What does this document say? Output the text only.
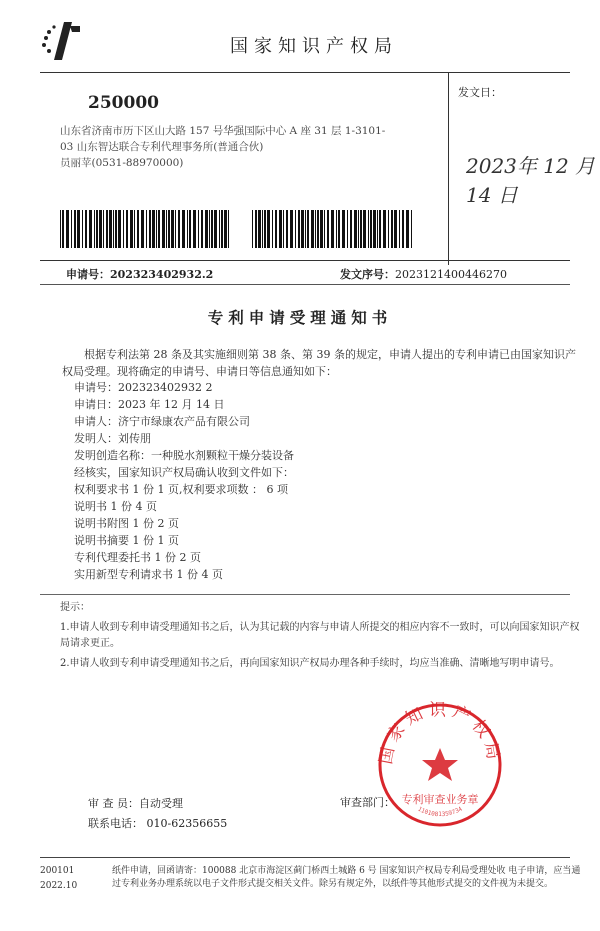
国家知识产权局
250000
山东省济南市历下区山大路 157 号华强国际中心 A 座 31 层 1-3101-
03 山东智达联合专利代理事务所(普通合伙)
员丽苹(0531-88970000)
发文日：
2023年 12 月 14 日
申请号：202323402932.2	发文序号：2023121400446270
专利申请受理通知书
根据专利法第 28 条及其实施细则第 38 条、第 39 条的规定，申请人提出的专利申请已由国家知识产权局受理。现将确定的申请号、申请日等信息通知如下：
申请号：202323402932 2
申请日：2023 年 12 月 14 日
申请人：济宁市绿康农产品有限公司
发明人：刘传朋
发明创造名称：一种脱水剂颗粒干燥分装设备
经核实，国家知识产权局确认收到文件如下：
权利要求书 1 份 1 页,权利要求项数 ： 6 项
说明书 1 份 4 页
说明书附图 1 份 2 页
说明书摘要 1 份 1 页
专利代理委托书 1 份 2 页
实用新型专利请求书 1 份 4 页

提示：

1.申请人收到专利申请受理通知书之后，认为其记载的内容与申请人所提交的相应内容不一致时，可以向国家知识产权局请求更正。

2.申请人收到专利申请受理通知书之后，再向国家知识产权局办理各种手续时，均应当准确、清晰地写明申请号。

审 查 员：自动受理
联系电话： 010-62356655
审查部门：
国家知识产权局
专利审查业务章
1101081359734
200101
2022.10
纸件申请，回函请寄：100088 北京市海淀区蓟门桥西土城路 6 号 国家知识产权局专利局受理处收 电子申请，应当通过专利业务办理系统以电子文件形式提交相关文件。除另有规定外，以纸件等其他形式提交的文件视为未提交。
